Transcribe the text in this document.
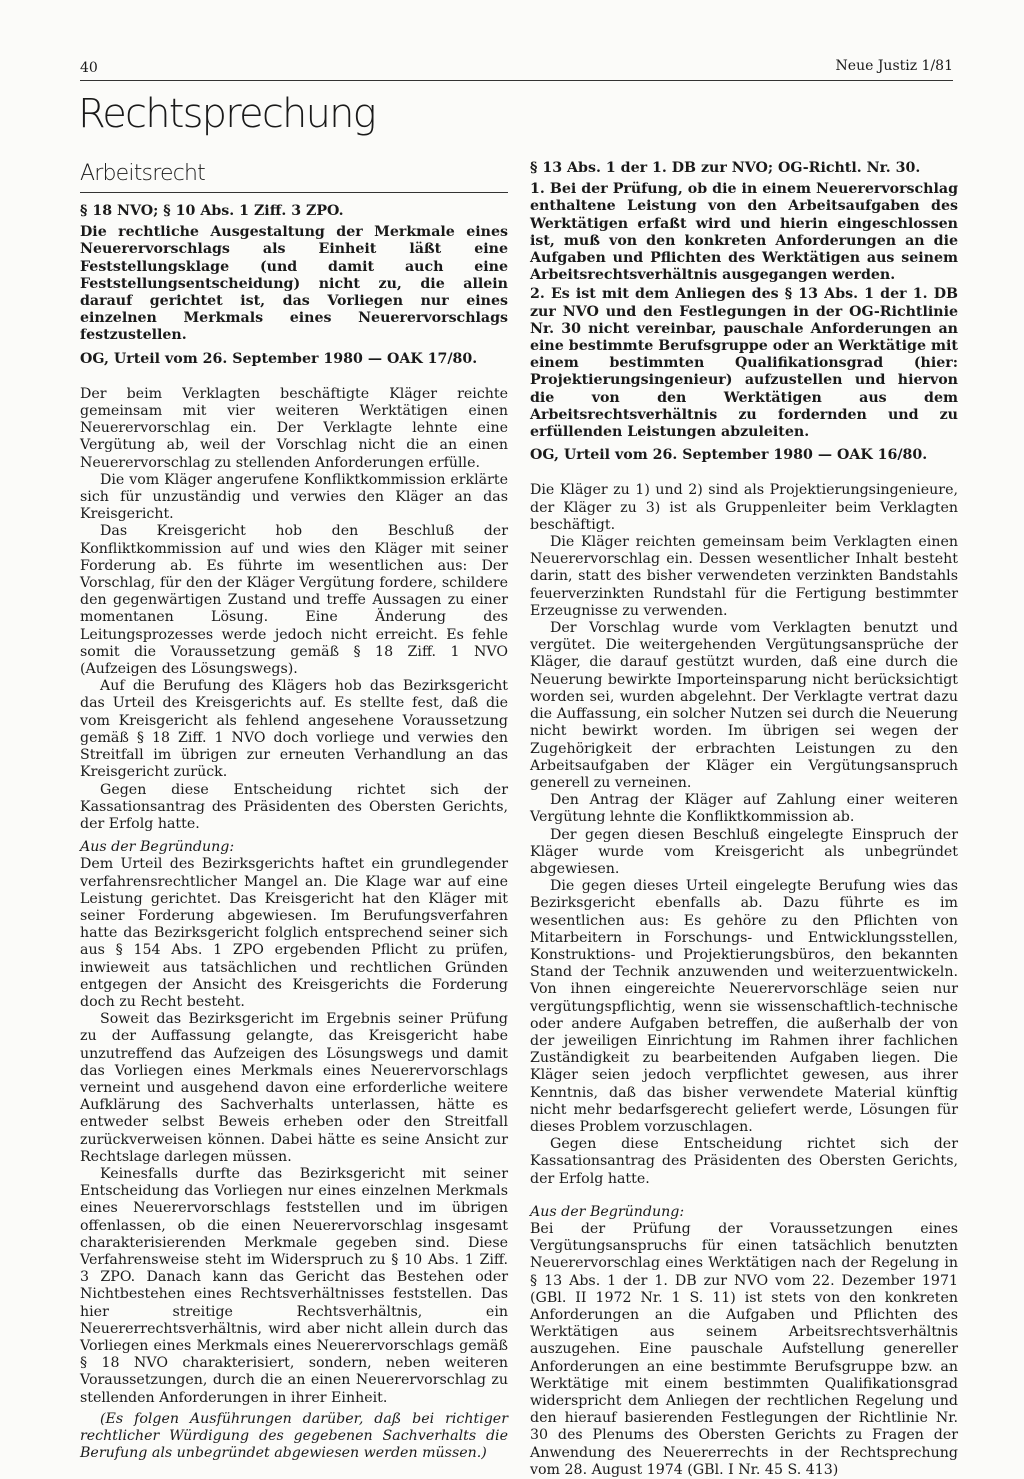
40	Neue Justiz 1/81
Rechtsprechung
Arbeitsrecht

§ 18 NVO; § 10 Abs. 1 Ziff. 3 ZPO.

Die rechtliche Ausgestaltung der Merkmale eines Neuerervorschlags als Einheit läßt eine Feststellungsklage (und damit auch eine Feststellungsentscheidung) nicht zu, die allein darauf gerichtet ist, das Vorliegen nur eines einzelnen Merkmals eines Neuerervorschlags festzustellen.

OG, Urteil vom 26. September 1980 — OAK 17/80.

Der beim Verklagten beschäftigte Kläger reichte gemeinsam mit vier weiteren Werktätigen einen Neuerervorschlag ein. Der Verklagte lehnte eine Vergütung ab, weil der Vorschlag nicht die an einen Neuerervorschlag zu stellenden Anforderungen erfülle.

Die vom Kläger angerufene Konfliktkommission erklärte sich für unzuständig und verwies den Kläger an das Kreisgericht.

Das Kreisgericht hob den Beschluß der Konfliktkommission auf und wies den Kläger mit seiner Forderung ab. Es führte im wesentlichen aus: Der Vorschlag, für den der Kläger Vergütung fordere, schildere den gegenwärtigen Zustand und treffe Aussagen zu einer momentanen Lösung. Eine Änderung des Leitungsprozesses werde jedoch nicht erreicht. Es fehle somit die Voraussetzung gemäß § 18 Ziff. 1 NVO (Aufzeigen des Lösungswegs).

Auf die Berufung des Klägers hob das Bezirksgericht das Urteil des Kreisgerichts auf. Es stellte fest, daß die vom Kreisgericht als fehlend angesehene Voraussetzung gemäß § 18 Ziff. 1 NVO doch vorliege und verwies den Streitfall im übrigen zur erneuten Verhandlung an das Kreisgericht zurück.

Gegen diese Entscheidung richtet sich der Kassationsantrag des Präsidenten des Obersten Gerichts, der Erfolg hatte.

Aus der Begründung:

Dem Urteil des Bezirksgerichts haftet ein grundlegender verfahrensrechtlicher Mangel an. Die Klage war auf eine Leistung gerichtet. Das Kreisgericht hat den Kläger mit seiner Forderung abgewiesen. Im Berufungsverfahren hatte das Bezirksgericht folglich entsprechend seiner sich aus § 154 Abs. 1 ZPO ergebenden Pflicht zu prüfen, inwieweit aus tatsächlichen und rechtlichen Gründen entgegen der Ansicht des Kreisgerichts die Forderung doch zu Recht besteht.

Soweit das Bezirksgericht im Ergebnis seiner Prüfung zu der Auffassung gelangte, das Kreisgericht habe unzutreffend das Aufzeigen des Lösungswegs und damit das Vorliegen eines Merkmals eines Neuerervorschlags verneint und ausgehend davon eine erforderliche weitere Aufklärung des Sachverhalts unterlassen, hätte es entweder selbst Beweis erheben oder den Streitfall zurückverweisen können. Dabei hätte es seine Ansicht zur Rechtslage darlegen müssen.

Keinesfalls durfte das Bezirksgericht mit seiner Entscheidung das Vorliegen nur eines einzelnen Merkmals eines Neuerervorschlags feststellen und im übrigen offenlassen, ob die einen Neuerervorschlag insgesamt charakterisierenden Merkmale gegeben sind. Diese Verfahrensweise steht im Widerspruch zu § 10 Abs. 1 Ziff. 3 ZPO. Danach kann das Gericht das Bestehen oder Nichtbestehen eines Rechtsverhältnisses feststellen. Das hier streitige Rechtsverhältnis, ein Neuererrechtsverhältnis, wird aber nicht allein durch das Vorliegen eines Merkmals eines Neuerervorschlags gemäß § 18 NVO charakterisiert, sondern, neben weiteren Voraussetzungen, durch die an einen Neuerervorschlag zu stellenden Anforderungen in ihrer Einheit.

(Es folgen Ausführungen darüber, daß bei richtiger rechtlicher Würdigung des gegebenen Sachverhalts die Berufung als unbegründet abgewiesen werden müssen.)

§ 13 Abs. 1 der 1. DB zur NVO; OG-Richtl. Nr. 30.

1. Bei der Prüfung, ob die in einem Neuerervorschlag enthaltene Leistung von den Arbeitsaufgaben des Werktätigen erfaßt wird und hierin eingeschlossen ist, muß von den konkreten Anforderungen an die Aufgaben und Pflichten des Werktätigen aus seinem Arbeitsrechtsverhältnis ausgegangen werden.

2. Es ist mit dem Anliegen des § 13 Abs. 1 der 1. DB zur NVO und den Festlegungen in der OG-Richtlinie Nr. 30 nicht vereinbar, pauschale Anforderungen an eine bestimmte Berufsgruppe oder an Werktätige mit einem bestimmten Qualifikationsgrad (hier: Projektierungsingenieur) aufzustellen und hiervon die von den Werktätigen aus dem Arbeitsrechtsverhältnis zu fordernden und zu erfüllenden Leistungen abzuleiten.

OG, Urteil vom 26. September 1980 — OAK 16/80.

Die Kläger zu 1) und 2) sind als Projektierungsingenieure, der Kläger zu 3) ist als Gruppenleiter beim Verklagten beschäftigt.

Die Kläger reichten gemeinsam beim Verklagten einen Neuerervorschlag ein. Dessen wesentlicher Inhalt besteht darin, statt des bisher verwendeten verzinkten Bandstahls feuerverzinkten Rundstahl für die Fertigung bestimmter Erzeugnisse zu verwenden.

Der Vorschlag wurde vom Verklagten benutzt und vergütet. Die weitergehenden Vergütungsansprüche der Kläger, die darauf gestützt wurden, daß eine durch die Neuerung bewirkte Importeinsparung nicht berücksichtigt worden sei, wurden abgelehnt. Der Verklagte vertrat dazu die Auffassung, ein solcher Nutzen sei durch die Neuerung nicht bewirkt worden. Im übrigen sei wegen der Zugehörigkeit der erbrachten Leistungen zu den Arbeitsaufgaben der Kläger ein Vergütungsanspruch generell zu verneinen.

Den Antrag der Kläger auf Zahlung einer weiteren Vergütung lehnte die Konfliktkommission ab.

Der gegen diesen Beschluß eingelegte Einspruch der Kläger wurde vom Kreisgericht als unbegründet abgewiesen.

Die gegen dieses Urteil eingelegte Berufung wies das Bezirksgericht ebenfalls ab. Dazu führte es im wesentlichen aus: Es gehöre zu den Pflichten von Mitarbeitern in Forschungs- und Entwicklungsstellen, Konstruktions- und Projektierungsbüros, den bekannten Stand der Technik anzuwenden und weiterzuentwickeln. Von ihnen eingereichte Neuerervorschläge seien nur vergütungspflichtig, wenn sie wissenschaftlich-technische oder andere Aufgaben betreffen, die außerhalb der von der jeweiligen Einrichtung im Rahmen ihrer fachlichen Zuständigkeit zu bearbeitenden Aufgaben liegen. Die Kläger seien jedoch verpflichtet gewesen, aus ihrer Kenntnis, daß das bisher verwendete Material künftig nicht mehr bedarfsgerecht geliefert werde, Lösungen für dieses Problem vorzuschlagen.

Gegen diese Entscheidung richtet sich der Kassationsantrag des Präsidenten des Obersten Gerichts, der Erfolg hatte.

Aus der Begründung:

Bei der Prüfung der Voraussetzungen eines Vergütungsanspruchs für einen tatsächlich benutzten Neuerervorschlag eines Werktätigen nach der Regelung in § 13 Abs. 1 der 1. DB zur NVO vom 22. Dezember 1971 (GBl. II 1972 Nr. 1 S. 11) ist stets von den konkreten Anforderungen an die Aufgaben und Pflichten des Werktätigen aus seinem Arbeitsrechtsverhältnis auszugehen. Eine pauschale Aufstellung genereller Anforderungen an eine bestimmte Berufsgruppe bzw. an Werktätige mit einem bestimmten Qualifikationsgrad widerspricht dem Anliegen der rechtlichen Regelung und den hierauf basierenden Festlegungen der Richtlinie Nr. 30 des Plenums des Obersten Gerichts zu Fragen der Anwendung des Neuererrechts in der Rechtsprechung vom 28. August 1974 (GBl. I Nr. 45 S. 413)
